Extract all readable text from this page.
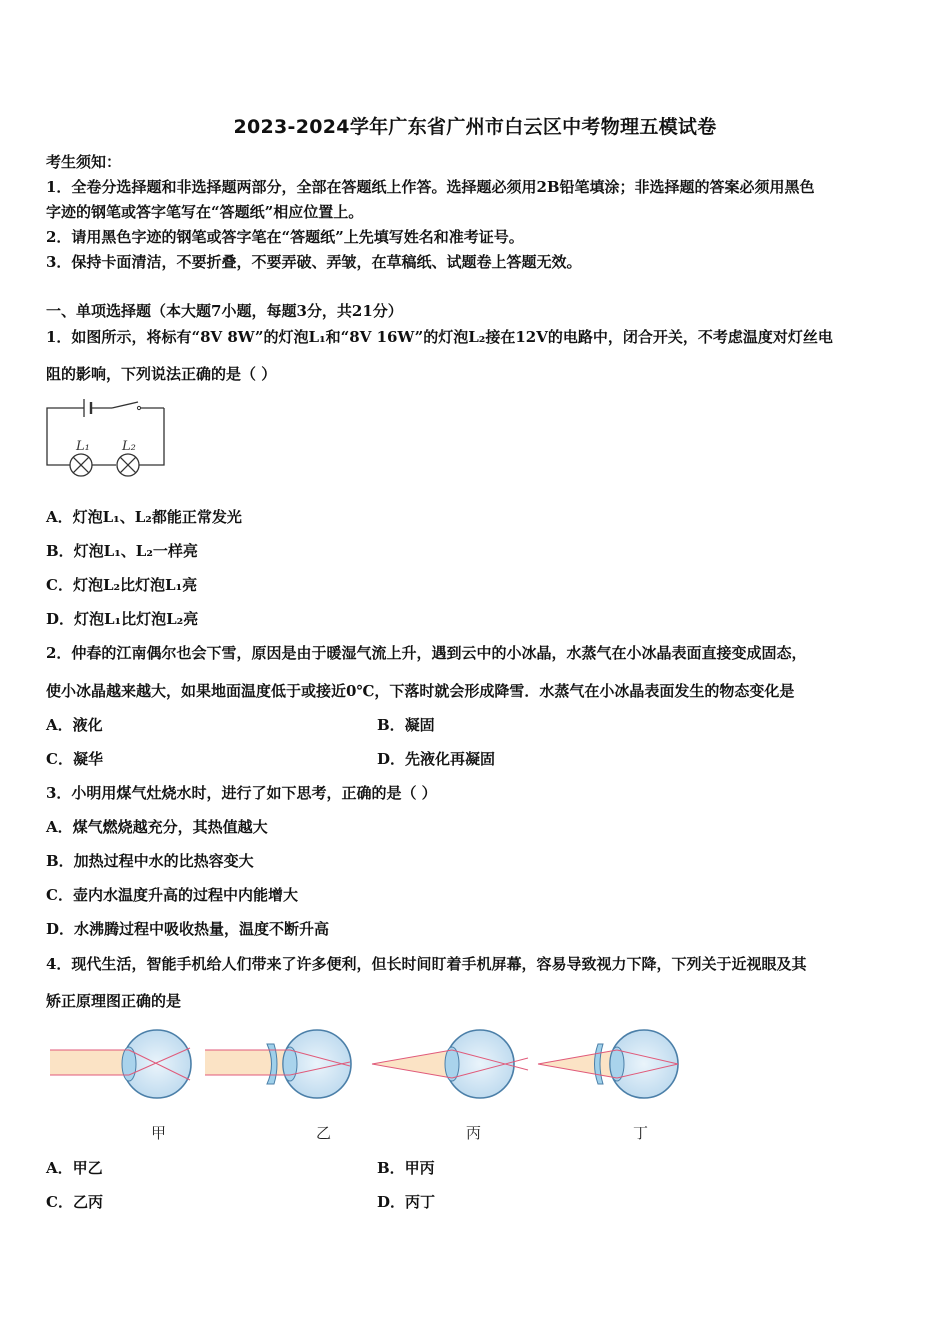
2023-2024学年广东省广州市白云区中考物理五模试卷
考生须知：
1．全卷分选择题和非选择题两部分，全部在答题纸上作答。选择题必须用2B铅笔填涂；非选择题的答案必须用黑色
字迹的钢笔或答字笔写在“答题纸”相应位置上。
2．请用黑色字迹的钢笔或答字笔在“答题纸”上先填写姓名和准考证号。
3．保持卡面清洁，不要折叠，不要弄破、弄皱，在草稿纸、试题卷上答题无效。
一、单项选择题（本大题7小题，每题3分，共21分）
1．如图所示，将标有“8V 8W”的灯泡L₁和“8V 16W”的灯泡L₂接在12V的电路中，闭合开关，不考虑温度对灯丝电
阻的影响，下列说法正确的是（ ）
L₁ L₂
A．灯泡L₁、L₂都能正常发光
B．灯泡L₁、L₂一样亮
C．灯泡L₂比灯泡L₁亮
D．灯泡L₁比灯泡L₂亮
2．仲春的江南偶尔也会下雪，原因是由于暖湿气流上升，遇到云中的小冰晶，水蒸气在小冰晶表面直接变成固态，
使小冰晶越来越大，如果地面温度低于或接近0℃，下落时就会形成降雪．水蒸气在小冰晶表面发生的物态变化是
A．液化	B．凝固
C．凝华	D．先液化再凝固
3．小明用煤气灶烧水时，进行了如下思考，正确的是（ ）
A．煤气燃烧越充分，其热值越大
B．加热过程中水的比热容变大
C．壶内水温度升高的过程中内能增大
D．水沸腾过程中吸收热量，温度不断升高
4．现代生活，智能手机给人们带来了许多便利，但长时间盯着手机屏幕，容易导致视力下降，下列关于近视眼及其
矫正原理图正确的是
甲	乙	丙	丁
A．甲乙	B．甲丙
C．乙丙	D．丙丁
